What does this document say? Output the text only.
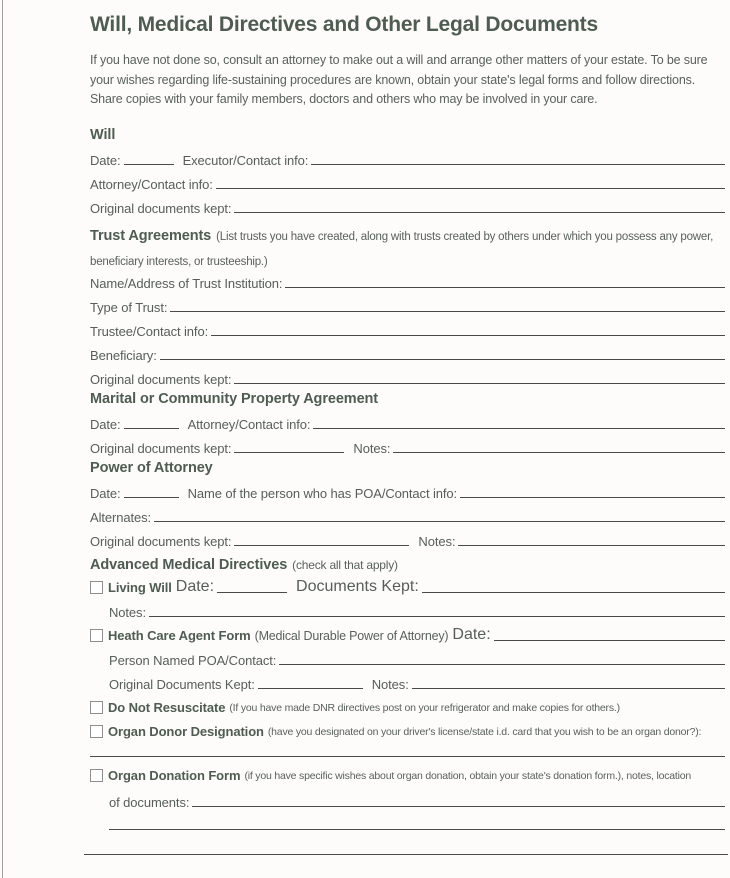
Will, Medical Directives and Other Legal Documents

If you have not done so, consult an attorney to make out a will and arrange other matters of your estate. To be sure
your wishes regarding life-sustaining procedures are known, obtain your state's legal forms and follow directions.
Share copies with your family members, doctors and others who may be involved in your care.

Will
Date:	Executor/Contact info:
Attorney/Contact info:
Original documents kept:
Trust Agreements (List trusts you have created, along with trusts created by others under which you possess any power,
beneficiary interests, or trusteeship.)
Name/Address of Trust Institution:
Type of Trust:
Trustee/Contact info:
Beneficiary:
Original documents kept:
Marital or Community Property Agreement
Date:	Attorney/Contact info:
Original documents kept:	Notes:
Power of Attorney
Date:	Name of the person who has POA/Contact info:
Alternates:
Original documents kept:	Notes:
Advanced Medical Directives (check all that apply)
Living Will Date:	Documents Kept:
Notes:
Heath Care Agent Form (Medical Durable Power of Attorney) Date:
Person Named POA/Contact:
Original Documents Kept:	Notes:
Do Not Resuscitate (If you have made DNR directives post on your refrigerator and make copies for others.)
Organ Donor Designation (have you designated on your driver's license/state i.d. card that you wish to be an organ donor?):
Organ Donation Form (if you have specific wishes about organ donation, obtain your state's donation form.), notes, location
of documents:
